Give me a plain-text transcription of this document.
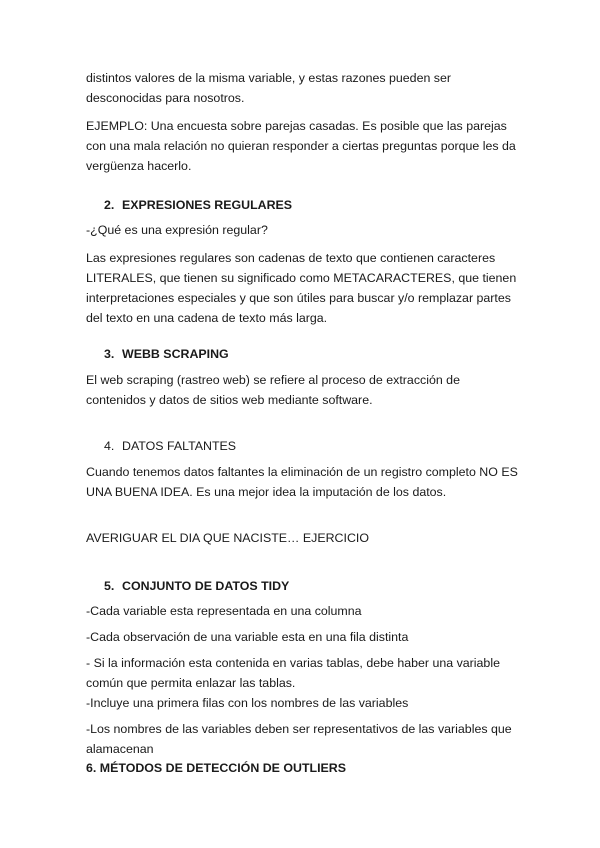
distintos valores de la misma variable, y estas razones pueden ser desconocidas para nosotros.

EJEMPLO: Una encuesta sobre parejas casadas. Es posible que las parejas con una mala relación no quieran responder a ciertas preguntas porque les da vergüenza hacerlo.

2. EXPRESIONES REGULARES

-¿Qué es una expresión regular?

Las expresiones regulares son cadenas de texto que contienen caracteres LITERALES, que tienen su significado como METACARACTERES, que tienen interpretaciones especiales y que son útiles para buscar y/o remplazar partes del texto en una cadena de texto más larga.

3. WEBB SCRAPING

El web scraping (rastreo web) se refiere al proceso de extracción de contenidos y datos de sitios web mediante software.

4. DATOS FALTANTES

Cuando tenemos datos faltantes la eliminación de un registro completo NO ES UNA BUENA IDEA. Es una mejor idea la imputación de los datos.

AVERIGUAR EL DIA QUE NACISTE… EJERCICIO

5. CONJUNTO DE DATOS TIDY

-Cada variable esta representada en una columna

-Cada observación de una variable esta en una fila distinta

- Si la información esta contenida en varias tablas, debe haber una variable común que permita enlazar las tablas.

-Incluye una primera filas con los nombres de las variables

-Los nombres de las variables deben ser representativos de las variables que alamacenan

6. MÉTODOS DE DETECCIÓN DE OUTLIERS
